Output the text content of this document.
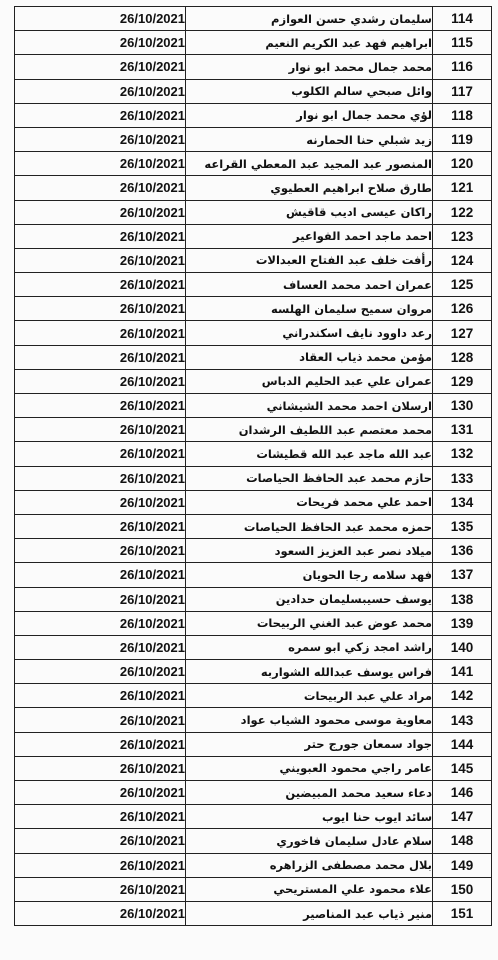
26/10/2021	سليمان رشدي حسن العوازم	114
26/10/2021	ابراهيم فهد عبد الكريم النعيم	115
26/10/2021	محمد جمال محمد ابو نوار	116
26/10/2021	وائل صبحي سالم الكلوب	117
26/10/2021	لؤي محمد جمال ابو نوار	118
26/10/2021	زيد شبلي حنا الحمارنه	119
26/10/2021	المنصور عبد المجيد عبد المعطي القراعه	120
26/10/2021	طارق صلاح ابراهيم العطيوي	121
26/10/2021	راكان عيسى اديب قاقيش	122
26/10/2021	احمد ماجد احمد الفواعير	123
26/10/2021	رأفت خلف عبد الفتاح العبدالات	124
26/10/2021	عمران احمد محمد العساف	125
26/10/2021	مروان سميح سليمان الهلسه	126
26/10/2021	رعد داوود نايف اسكندراني	127
26/10/2021	مؤمن محمد ذياب العقاد	128
26/10/2021	عمران علي عبد الحليم الدباس	129
26/10/2021	ارسلان احمد محمد الشيشاني	130
26/10/2021	محمد معتصم عبد اللطيف الرشدان	131
26/10/2021	عبد الله ماجد عبد الله قطيشات	132
26/10/2021	حازم محمد عبد الحافظ الحياصات	133
26/10/2021	احمد علي محمد فريحات	134
26/10/2021	حمزه محمد عبد الحافظ الحياصات	135
26/10/2021	ميلاد نصر عبد العزيز السعود	136
26/10/2021	فهد سلامه رجا الحويان	137
26/10/2021	يوسف حسيبسليمان حدادين	138
26/10/2021	محمد عوض عبد الغني الربيحات	139
26/10/2021	راشد امجد زكي ابو سمره	140
26/10/2021	فراس يوسف عبدالله الشواربه	141
26/10/2021	مراد علي عبد الربيحات	142
26/10/2021	معاوية موسى محمود الشياب عواد	143
26/10/2021	جواد سمعان جورج حتر	144
26/10/2021	عامر راجي محمود العبويني	145
26/10/2021	دعاء سعيد محمد المبيضين	146
26/10/2021	سائد ايوب حنا ايوب	147
26/10/2021	سلام عادل سليمان فاخوري	148
26/10/2021	بلال محمد مصطفى الزراهره	149
26/10/2021	علاء محمود علي المستريحي	150
26/10/2021	منير ذياب عبد المناصير	151
